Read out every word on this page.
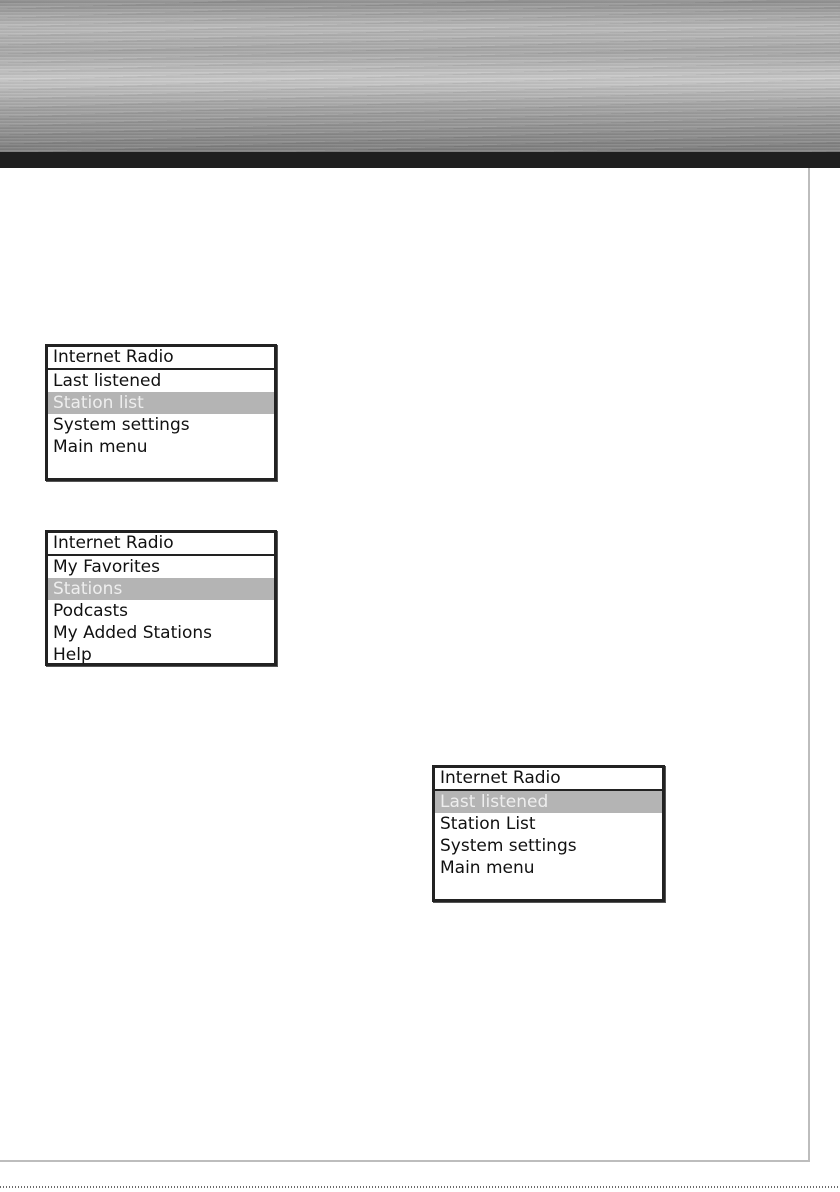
Internet Radio
Last listened
Station list
System settings
Main menu
Internet Radio
My Favorites
Stations
Podcasts
My Added Stations
Help
Internet Radio
Last listened
Station List
System settings
Main menu
